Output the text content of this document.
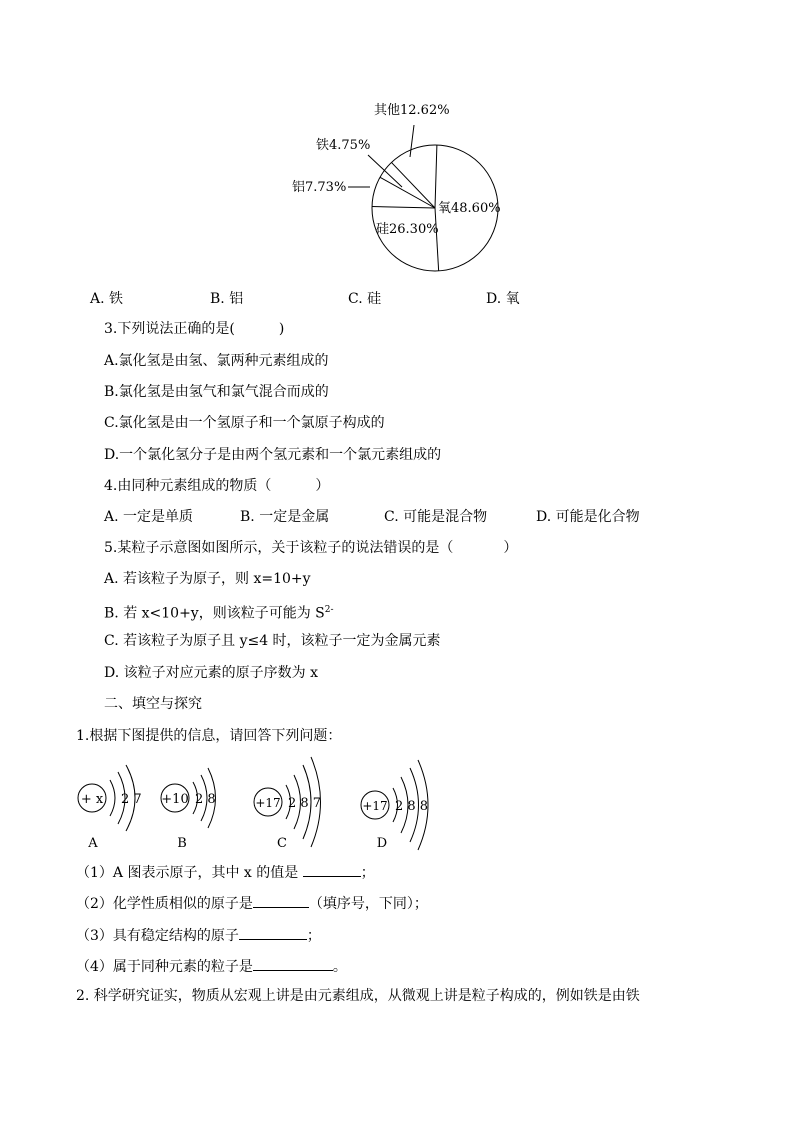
氧48.60%
硅26.30%
铝7.73%
铁4.75%
其他12.62%
A. 铁	B. 铝	C. 硅	D. 氧
3.下列说法正确的是(	)
A.氯化氢是由氢、氯两种元素组成的
B.氯化氢是由氢气和氯气混合而成的
C.氯化氢是由一个氢原子和一个氯原子构成的
D.一个氯化氢分子是由两个氢元素和一个氯元素组成的
4.由同种元素组成的物质（	）
A. 一定是单质	B. 一定是金属	C. 可能是混合物	D. 可能是化合物
5.某粒子示意图如图所示，关于该粒子的说法错误的是（	）
A. 若该粒子为原子，则 x=10+y
B. 若 x<10+y，则该粒子可能为 $S^{2-}$
C. 若该粒子为原子且 y≤4 时，该粒子一定为金属元素
D. 该粒子对应元素的原子序数为 x
二、填空与探究
1.根据下图提供的信息，请回答下列问题：
+ x 2 7
A
+10 2 8
B
+17 2 8 7
C
+17 2 8 8
D
（1）A 图表示原子，其中 x 的值是	；
（2）化学性质相似的原子是	（填序号，下同）；
（3）具有稳定结构的原子	；
（4）属于同种元素的粒子是	。
2. 科学研究证实，物质从宏观上讲是由元素组成，从微观上讲是粒子构成的，例如铁是由铁
